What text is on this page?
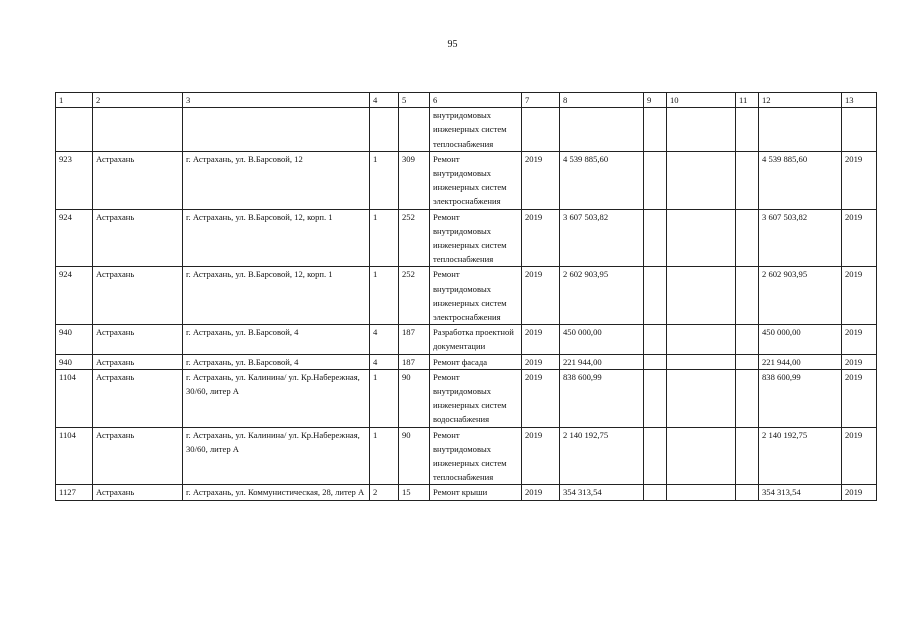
95
1	2	3	4	5	6	7	8	9	10	11	12	13
					внутридомовых инженерных систем теплоснабжения							
923	Астрахань	г. Астрахань, ул. В.Барсовой, 12	1	309	Ремонт внутридомовых инженерных систем электроснабжения	2019	4 539 885,60				4 539 885,60	2019
924	Астрахань	г. Астрахань, ул. В.Барсовой, 12, корп. 1	1	252	Ремонт внутридомовых инженерных систем теплоснабжения	2019	3 607 503,82				3 607 503,82	2019
924	Астрахань	г. Астрахань, ул. В.Барсовой, 12, корп. 1	1	252	Ремонт внутридомовых инженерных систем электроснабжения	2019	2 602 903,95				2 602 903,95	2019
940	Астрахань	г. Астрахань, ул. В.Барсовой, 4	4	187	Разработка проектной документации	2019	450 000,00				450 000,00	2019
940	Астрахань	г. Астрахань, ул. В.Барсовой, 4	4	187	Ремонт фасада	2019	221 944,00				221 944,00	2019
1104	Астрахань	г. Астрахань, ул. Калинина/ ул. Кр.Набережная, 30/60, литер А	1	90	Ремонт внутридомовых инженерных систем водоснабжения	2019	838 600,99				838 600,99	2019
1104	Астрахань	г. Астрахань, ул. Калинина/ ул. Кр.Набережная, 30/60, литер А	1	90	Ремонт внутридомовых инженерных систем теплоснабжения	2019	2 140 192,75				2 140 192,75	2019
1127	Астрахань	г. Астрахань, ул. Коммунистическая, 28, литер А	2	15	Ремонт крыши	2019	354 313,54				354 313,54	2019
